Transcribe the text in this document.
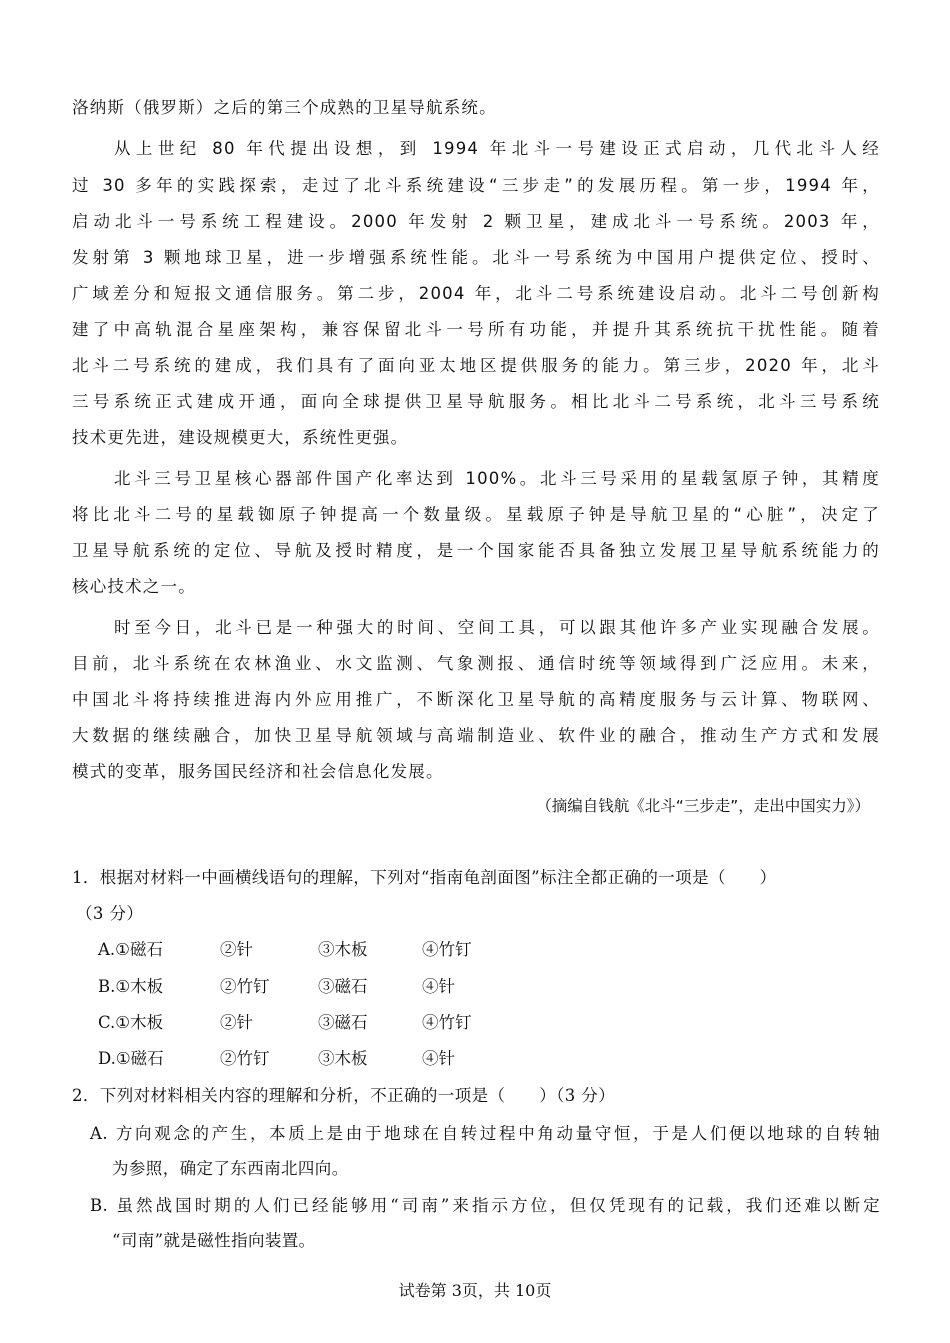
洛纳斯（俄罗斯）之后的第三个成熟的卫星导航系统。
从上世纪 80 年代提出设想，到 1994 年北斗一号建设正式启动，几代北斗人经
过 30 多年的实践探索，走过了北斗系统建设“三步走”的发展历程。第一步，1994 年，
启动北斗一号系统工程建设。2000 年发射 2 颗卫星，建成北斗一号系统。2003 年，
发射第 3 颗地球卫星，进一步增强系统性能。北斗一号系统为中国用户提供定位、授时、
广域差分和短报文通信服务。第二步，2004 年，北斗二号系统建设启动。北斗二号创新构
建了中高轨混合星座架构，兼容保留北斗一号所有功能，并提升其系统抗干扰性能。随着
北斗二号系统的建成，我们具有了面向亚太地区提供服务的能力。第三步，2020 年，北斗
三号系统正式建成开通，面向全球提供卫星导航服务。相比北斗二号系统，北斗三号系统
技术更先进，建设规模更大，系统性更强。
北斗三号卫星核心器部件国产化率达到 100%。北斗三号采用的星载氢原子钟，其精度
将比北斗二号的星载铷原子钟提高一个数量级。星载原子钟是导航卫星的“心脏”，决定了
卫星导航系统的定位、导航及授时精度，是一个国家能否具备独立发展卫星导航系统能力的
核心技术之一。
时至今日，北斗已是一种强大的时间、空间工具，可以跟其他许多产业实现融合发展。
目前，北斗系统在农林渔业、水文监测、气象测报、通信时统等领域得到广泛应用。未来，
中国北斗将持续推进海内外应用推广，不断深化卫星导航的高精度服务与云计算、物联网、
大数据的继续融合，加快卫星导航领域与高端制造业、软件业的融合，推动生产方式和发展
模式的变革，服务国民经济和社会信息化发展。
（摘编自钱航《北斗“三步走”，走出中国实力》）
1．根据对材料一中画横线语句的理解，下列对“指南龟剖面图”标注全都正确的一项是（　　）
（3 分）
A.①磁石	②针	③木板	④竹钉
B.①木板	②竹钉	③磁石	④针
C.①木板	②针	③磁石	④竹钉
D.①磁石	②竹钉	③木板	④针
2．下列对材料相关内容的理解和分析，不正确的一项是（　　）（3 分）
A. 方向观念的产生，本质上是由于地球在自转过程中角动量守恒，于是人们便以地球的自转轴
为参照，确定了东西南北四向。
B. 虽然战国时期的人们已经能够用“司南”来指示方位，但仅凭现有的记载，我们还难以断定
“司南”就是磁性指向装置。
试卷第 3页，共 10页
